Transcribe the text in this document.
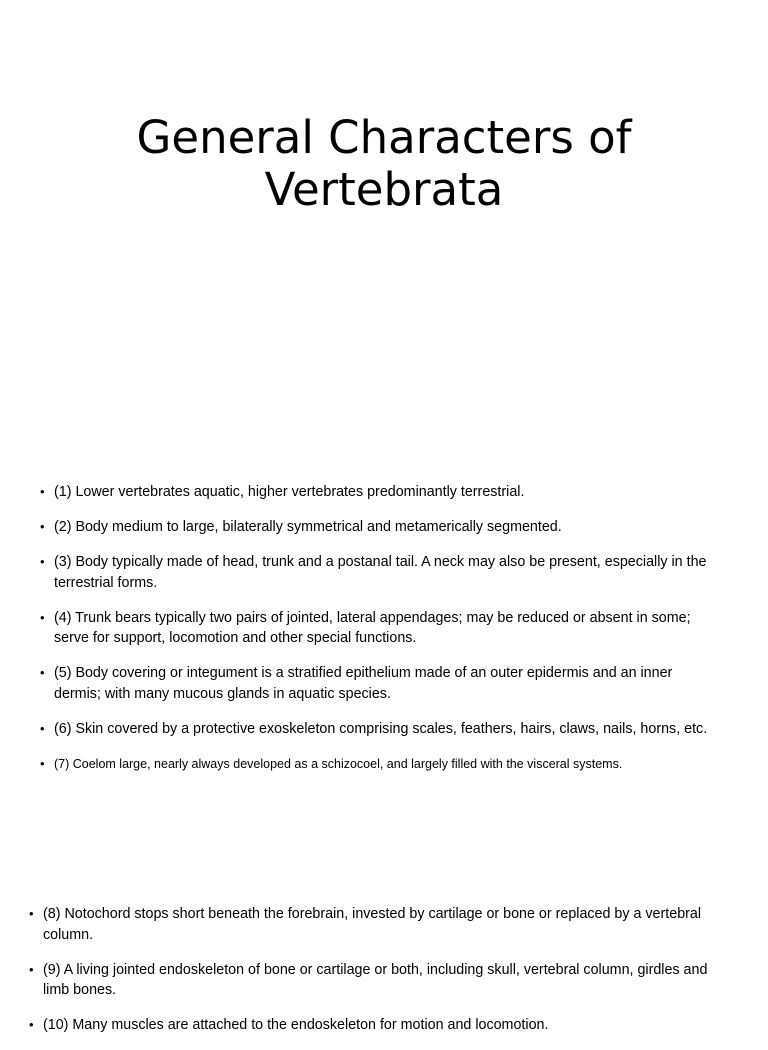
General Characters of
Vertebrata
• (1) Lower vertebrates aquatic, higher vertebrates predominantly terrestrial.
• (2) Body medium to large, bilaterally symmetrical and metamerically segmented.
• (3) Body typically made of head, trunk and a postanal tail. A neck may also be present, especially in the terrestrial forms.
• (4) Trunk bears typically two pairs of jointed, lateral appendages; may be reduced or absent in some; serve for support, locomotion and other special functions.
• (5) Body covering or integument is a stratified epithelium made of an outer epidermis and an inner dermis; with many mucous glands in aquatic species.
• (6) Skin covered by a protective exoskeleton comprising scales, feathers, hairs, claws, nails, horns, etc.
• (7) Coelom large, nearly always developed as a schizocoel, and largely filled with the visceral systems.
• (8) Notochord stops short beneath the forebrain, invested by cartilage or bone or replaced by a vertebral column.
• (9) A living jointed endoskeleton of bone or cartilage or both, including skull, vertebral column, girdles and limb bones.
• (10) Many muscles are attached to the endoskeleton for motion and locomotion.
